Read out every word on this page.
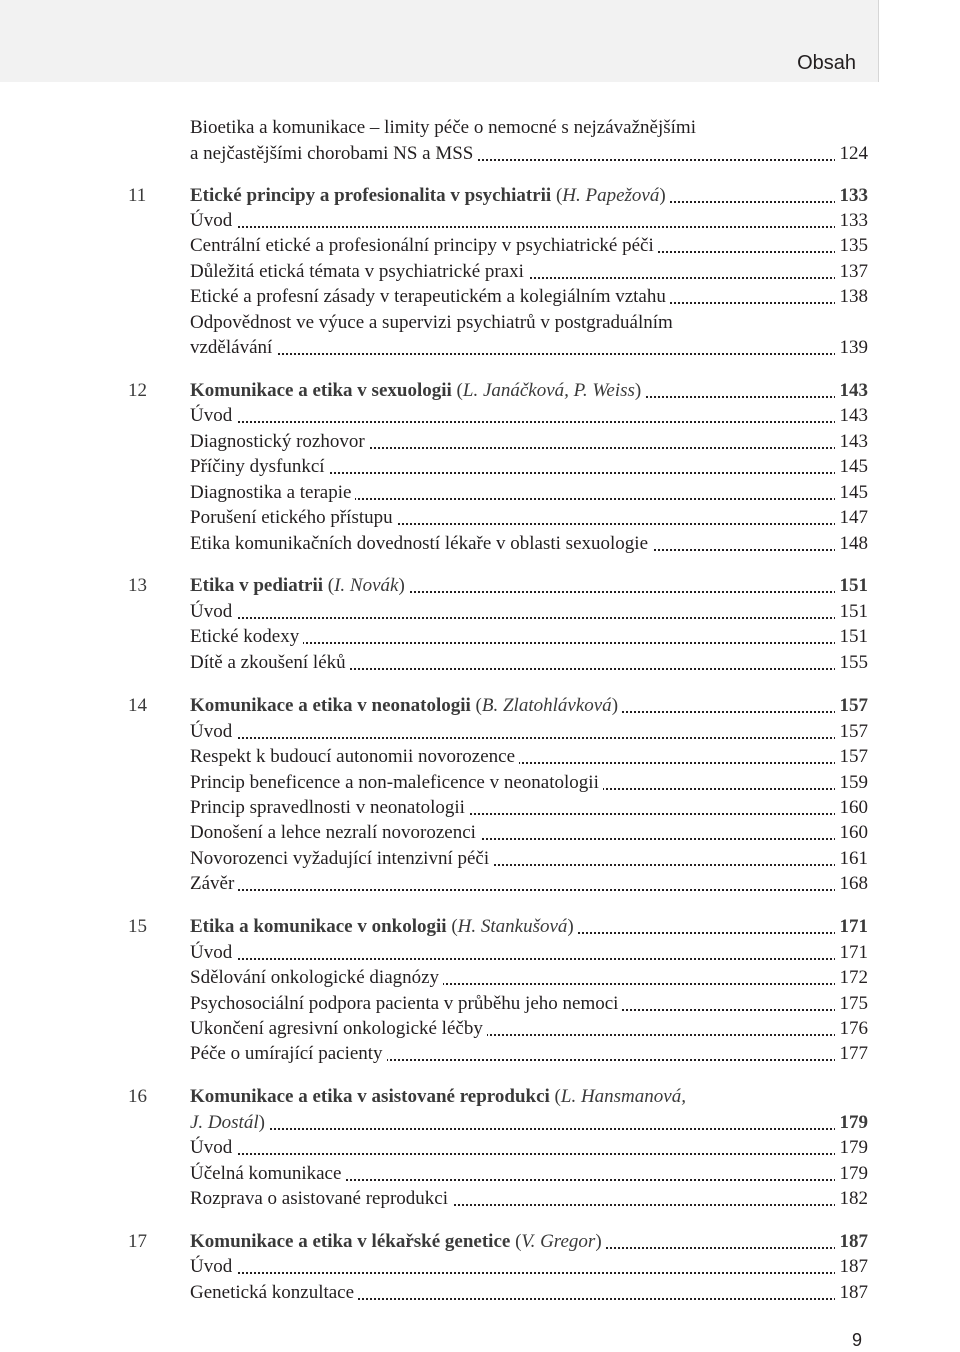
Obsah
Bioetika a komunikace – limity péče o nemocné s nejzávažnějšími
a nejčastějšími chorobami NS a MSS	124
11	Etické principy a profesionalita v psychiatrii (H. Papežová)	133
Úvod	133
Centrální etické a profesionální principy v psychiatrické péči	135
Důležitá etická témata v psychiatrické praxi	137
Etické a profesní zásady v terapeutickém a kolegiálním vztahu	138
Odpovědnost ve výuce a supervizi psychiatrů v postgraduálním
vzdělávání	139
12	Komunikace a etika v sexuologii (L. Janáčková, P. Weiss)	143
Úvod	143
Diagnostický rozhovor	143
Příčiny dysfunkcí	145
Diagnostika a terapie	145
Porušení etického přístupu	147
Etika komunikačních dovedností lékaře v oblasti sexuologie	148
13	Etika v pediatrii (I. Novák)	151
Úvod	151
Etické kodexy	151
Dítě a zkoušení léků	155
14	Komunikace a etika v neonatologii (B. Zlatohlávková)	157
Úvod	157
Respekt k budoucí autonomii novorozence	157
Princip beneficence a non-maleficence v neonatologii	159
Princip spravedlnosti v neonatologii	160
Donošení a lehce nezralí novorozenci	160
Novorozenci vyžadující intenzivní péči	161
Závěr	168
15	Etika a komunikace v onkologii (H. Stankušová)	171
Úvod	171
Sdělování onkologické diagnózy	172
Psychosociální podpora pacienta v průběhu jeho nemoci	175
Ukončení agresivní onkologické léčby	176
Péče o umírající pacienty	177
16	Komunikace a etika v asistované reprodukci (L. Hansmanová,
J. Dostál)	179
Úvod	179
Účelná komunikace	179
Rozprava o asistované reprodukci	182
17	Komunikace a etika v lékařské genetice (V. Gregor)	187
Úvod	187
Genetická konzultace	187
9
